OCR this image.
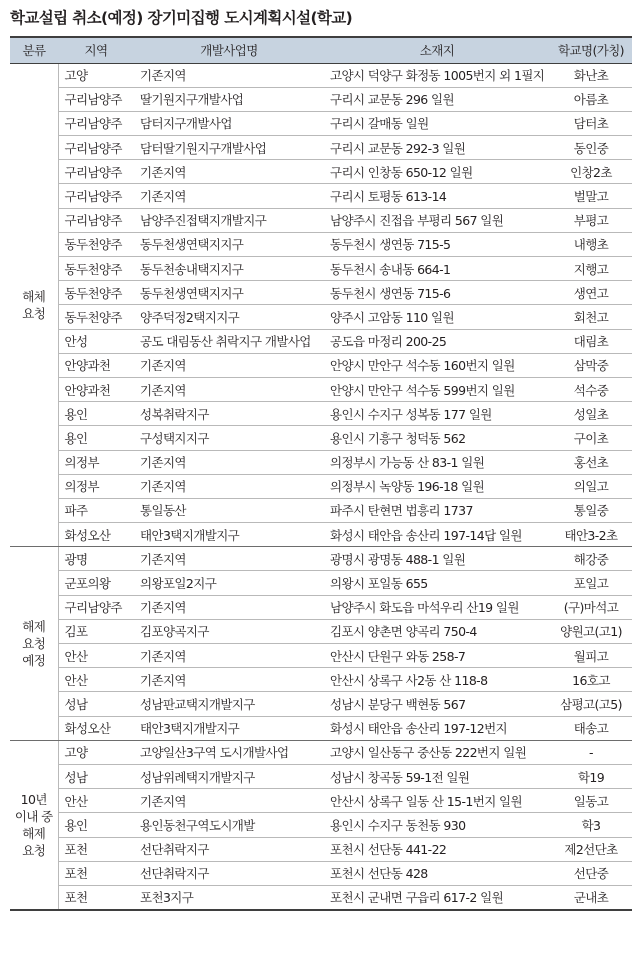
학교설립 취소(예정) 장기미집행 도시계획시설(학교)
분류	지역	개발사업명	소재지	학교명(가칭)
해체
요청	고양	기존지역	고양시 덕양구 화정동 1005번지 외 1필지	화난초
	구리남양주	딸기원지구개발사업	구리시 교문동 296 일원	아름초
	구리남양주	담터지구개발사업	구리시 갈매동 일원	담터초
	구리남양주	담터딸기원지구개발사업	구리시 교문동 292-3 일원	동인중
	구리남양주	기존지역	구리시 인창동 650-12 일원	인창2초
	구리남양주	기존지역	구리시 토평동 613-14	벌말고
	구리남양주	남양주진접택지개발지구	남양주시 진접읍 부평리 567 일원	부평고
	동두천양주	동두천생연택지지구	동두천시 생연동 715-5	내행초
	동두천양주	동두천송내택지지구	동두천시 송내동 664-1	지행고
	동두천양주	동두천생연택지지구	동두천시 생연동 715-6	생연고
	동두천양주	양주덕정2택지지구	양주시 고암동 110 일원	회천고
	안성	공도 대림동산 취락지구 개발사업	공도읍 마정리 200-25	대림초
	안양과천	기존지역	안양시 만안구 석수동 160번지 일원	삼막중
	안양과천	기존지역	안양시 만안구 석수동 599번지 일원	석수중
	용인	성복취락지구	용인시 수지구 성복동 177 일원	성일초
	용인	구성택지지구	용인시 기흥구 청덕동 562	구이초
	의정부	기존지역	의정부시 가능동 산 83-1 일원	홍선초
	의정부	기존지역	의정부시 녹양동 196-18 일원	의일고
	파주	통일동산	파주시 탄현면 법흥리 1737	통일중
	화성오산	태안3택지개발지구	화성시 태안읍 송산리 197-14답 일원	태안3-2초
해제
요청
예정	광명	기존지역	광명시 광명동 488-1 일원	해강중
	군포의왕	의왕포일2지구	의왕시 포일동 655	포일고
	구리남양주	기존지역	남양주시 화도읍 마석우리 산19 일원	(구)마석고
	김포	김포양곡지구	김포시 양촌면 양곡리 750-4	양원고(고1)
	안산	기존지역	안산시 단원구 와동 258-7	월피고
	안산	기존지역	안산시 상록구 사2동 산 118-8	16호고
	성남	성남판교택지개발지구	성남시 분당구 백현동 567	삼평고(고5)
	화성오산	태안3택지개발지구	화성시 태안읍 송산리 197-12번지	태송고
10년
이내 중
해제
요청	고양	고양일산3구역 도시개발사업	고양시 일산동구 중산동 222번지 일원	-
	성남	성남위례택지개발지구	성남시 창곡동 59-1전 일원	학19
	안산	기존지역	안산시 상록구 일동 산 15-1번지 일원	일동고
	용인	용인동천구역도시개발	용인시 수지구 동천동 930	학3
	포천	선단취락지구	포천시 선단동 441-22	제2선단초
	포천	선단취락지구	포천시 선단동 428	선단중
	포천	포천3지구	포천시 군내면 구읍리 617-2 일원	군내초
